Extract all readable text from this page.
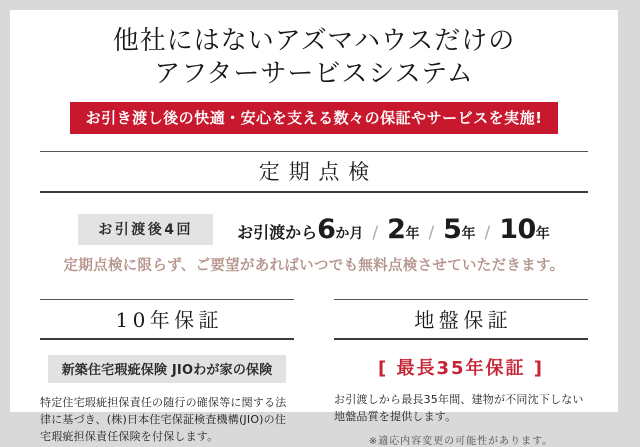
他社にはないアズマハウスだけの
アフターサービスシステム
お引き渡し後の快適・安心を支える数々の保証やサービスを実施!
定期点検
お引渡後4回	お引渡から 6 か月 / 2 年 / 5 年 / 10 年
定期点検に限らず、ご要望があればいつでも無料点検させていただきます。
10年保証
新築住宅瑕疵保険 JIOわが家の保険
特定住宅瑕疵担保責任の随行の確保等に関する法律に基づき、(株)日本住宅保証検査機構(JIO)の住宅瑕疵担保責任保険を付保します。
地盤保証
[ 最長35年保証 ]
お引渡しから最長35年間、建物が不同沈下しない地盤品質を提供します。
※適応内容変更の可能性があります。
